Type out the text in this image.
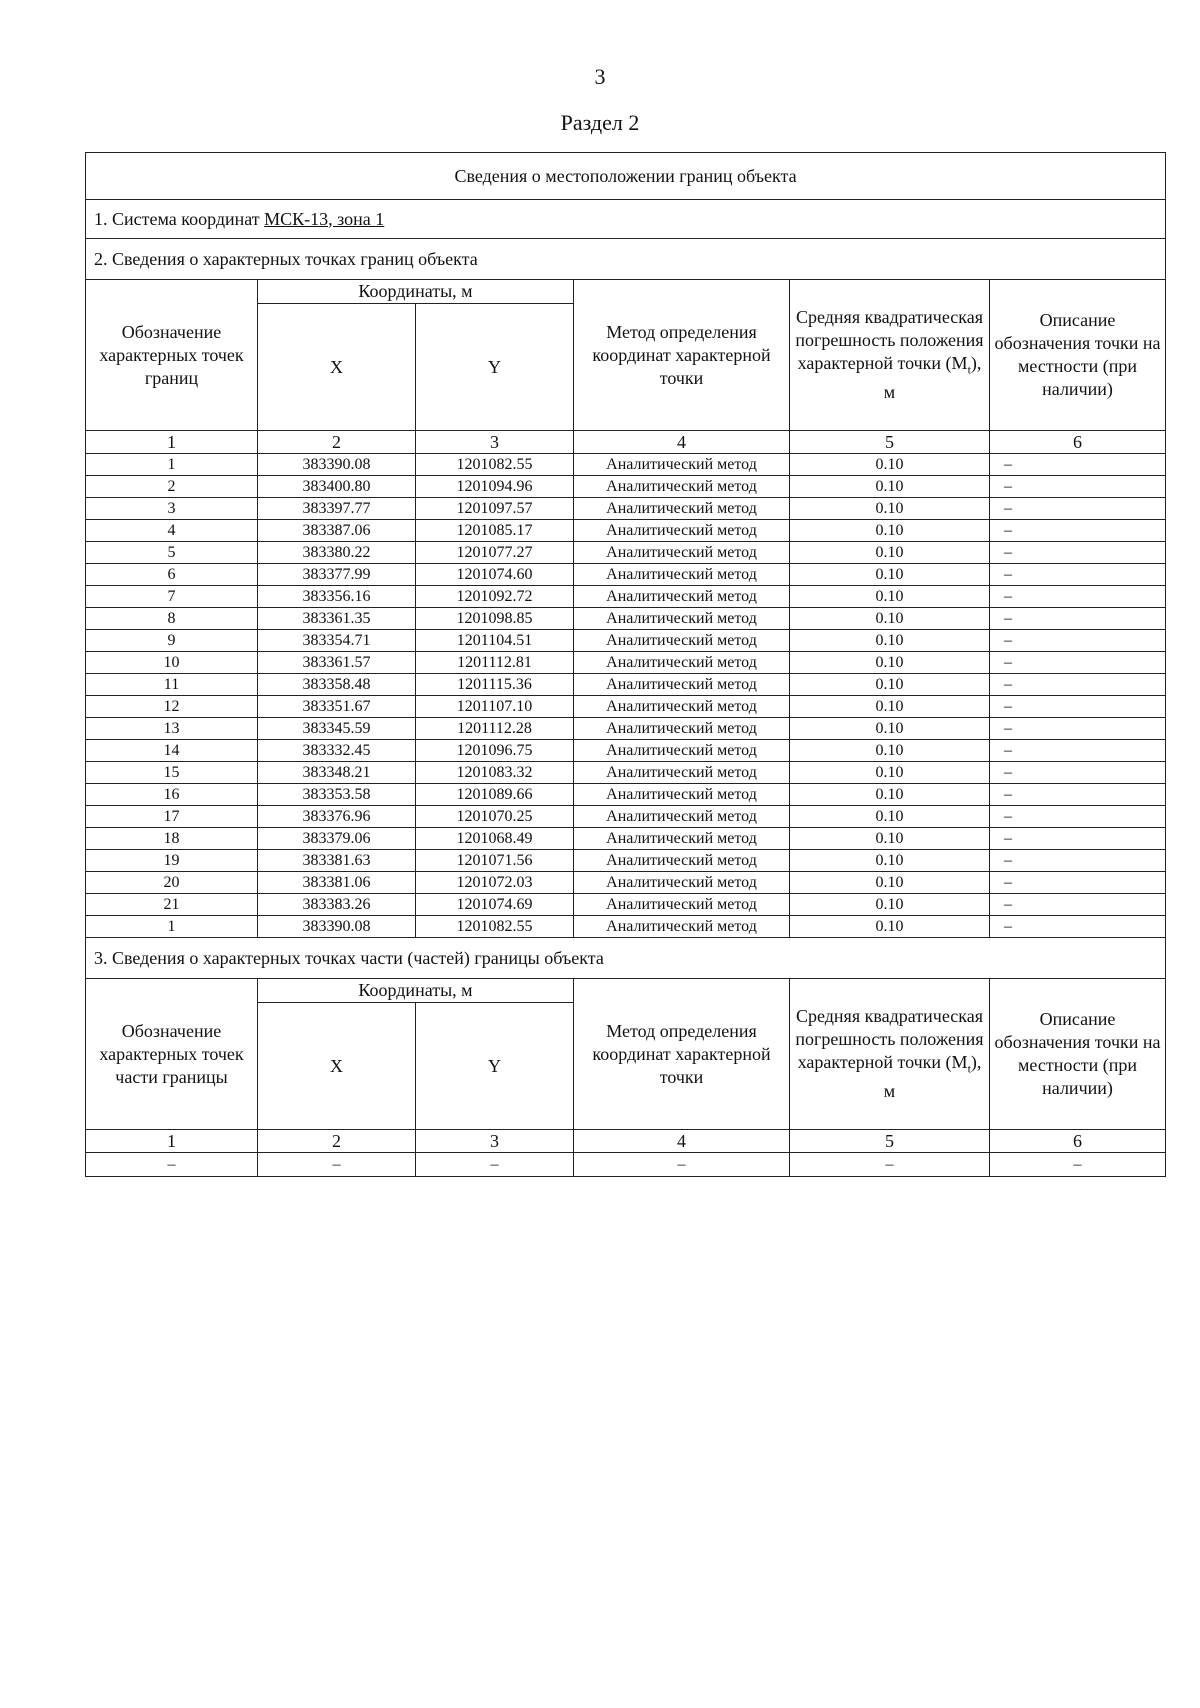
3
Раздел 2
Сведения о местоположении границ объекта					
1. Система координат МСК-13, зона 1					
2. Сведения о характерных точках границ объекта					
Обозначение характерных точек границ	Координаты, м		Метод определения координат характерной точки	Средняя квадратическая погрешность положения характерной точки $(M_t)$, м	Описание обозначения точки на местности (при наличии)
	X	Y			
1	2	3	4	5	6
1	383390.08	1201082.55	Аналитический метод	0.10	–
2	383400.80	1201094.96	Аналитический метод	0.10	–
3	383397.77	1201097.57	Аналитический метод	0.10	–
4	383387.06	1201085.17	Аналитический метод	0.10	–
5	383380.22	1201077.27	Аналитический метод	0.10	–
6	383377.99	1201074.60	Аналитический метод	0.10	–
7	383356.16	1201092.72	Аналитический метод	0.10	–
8	383361.35	1201098.85	Аналитический метод	0.10	–
9	383354.71	1201104.51	Аналитический метод	0.10	–
10	383361.57	1201112.81	Аналитический метод	0.10	–
11	383358.48	1201115.36	Аналитический метод	0.10	–
12	383351.67	1201107.10	Аналитический метод	0.10	–
13	383345.59	1201112.28	Аналитический метод	0.10	–
14	383332.45	1201096.75	Аналитический метод	0.10	–
15	383348.21	1201083.32	Аналитический метод	0.10	–
16	383353.58	1201089.66	Аналитический метод	0.10	–
17	383376.96	1201070.25	Аналитический метод	0.10	–
18	383379.06	1201068.49	Аналитический метод	0.10	–
19	383381.63	1201071.56	Аналитический метод	0.10	–
20	383381.06	1201072.03	Аналитический метод	0.10	–
21	383383.26	1201074.69	Аналитический метод	0.10	–
1	383390.08	1201082.55	Аналитический метод	0.10	–
3. Сведения о характерных точках части (частей) границы объекта					
Обозначение характерных точек части границы	Координаты, м		Метод определения координат характерной точки	Средняя квадратическая погрешность положения характерной точки $(M_t)$, м	Описание обозначения точки на местности (при наличии)
	X	Y			
1	2	3	4	5	6
–	–	–	–	–	–
